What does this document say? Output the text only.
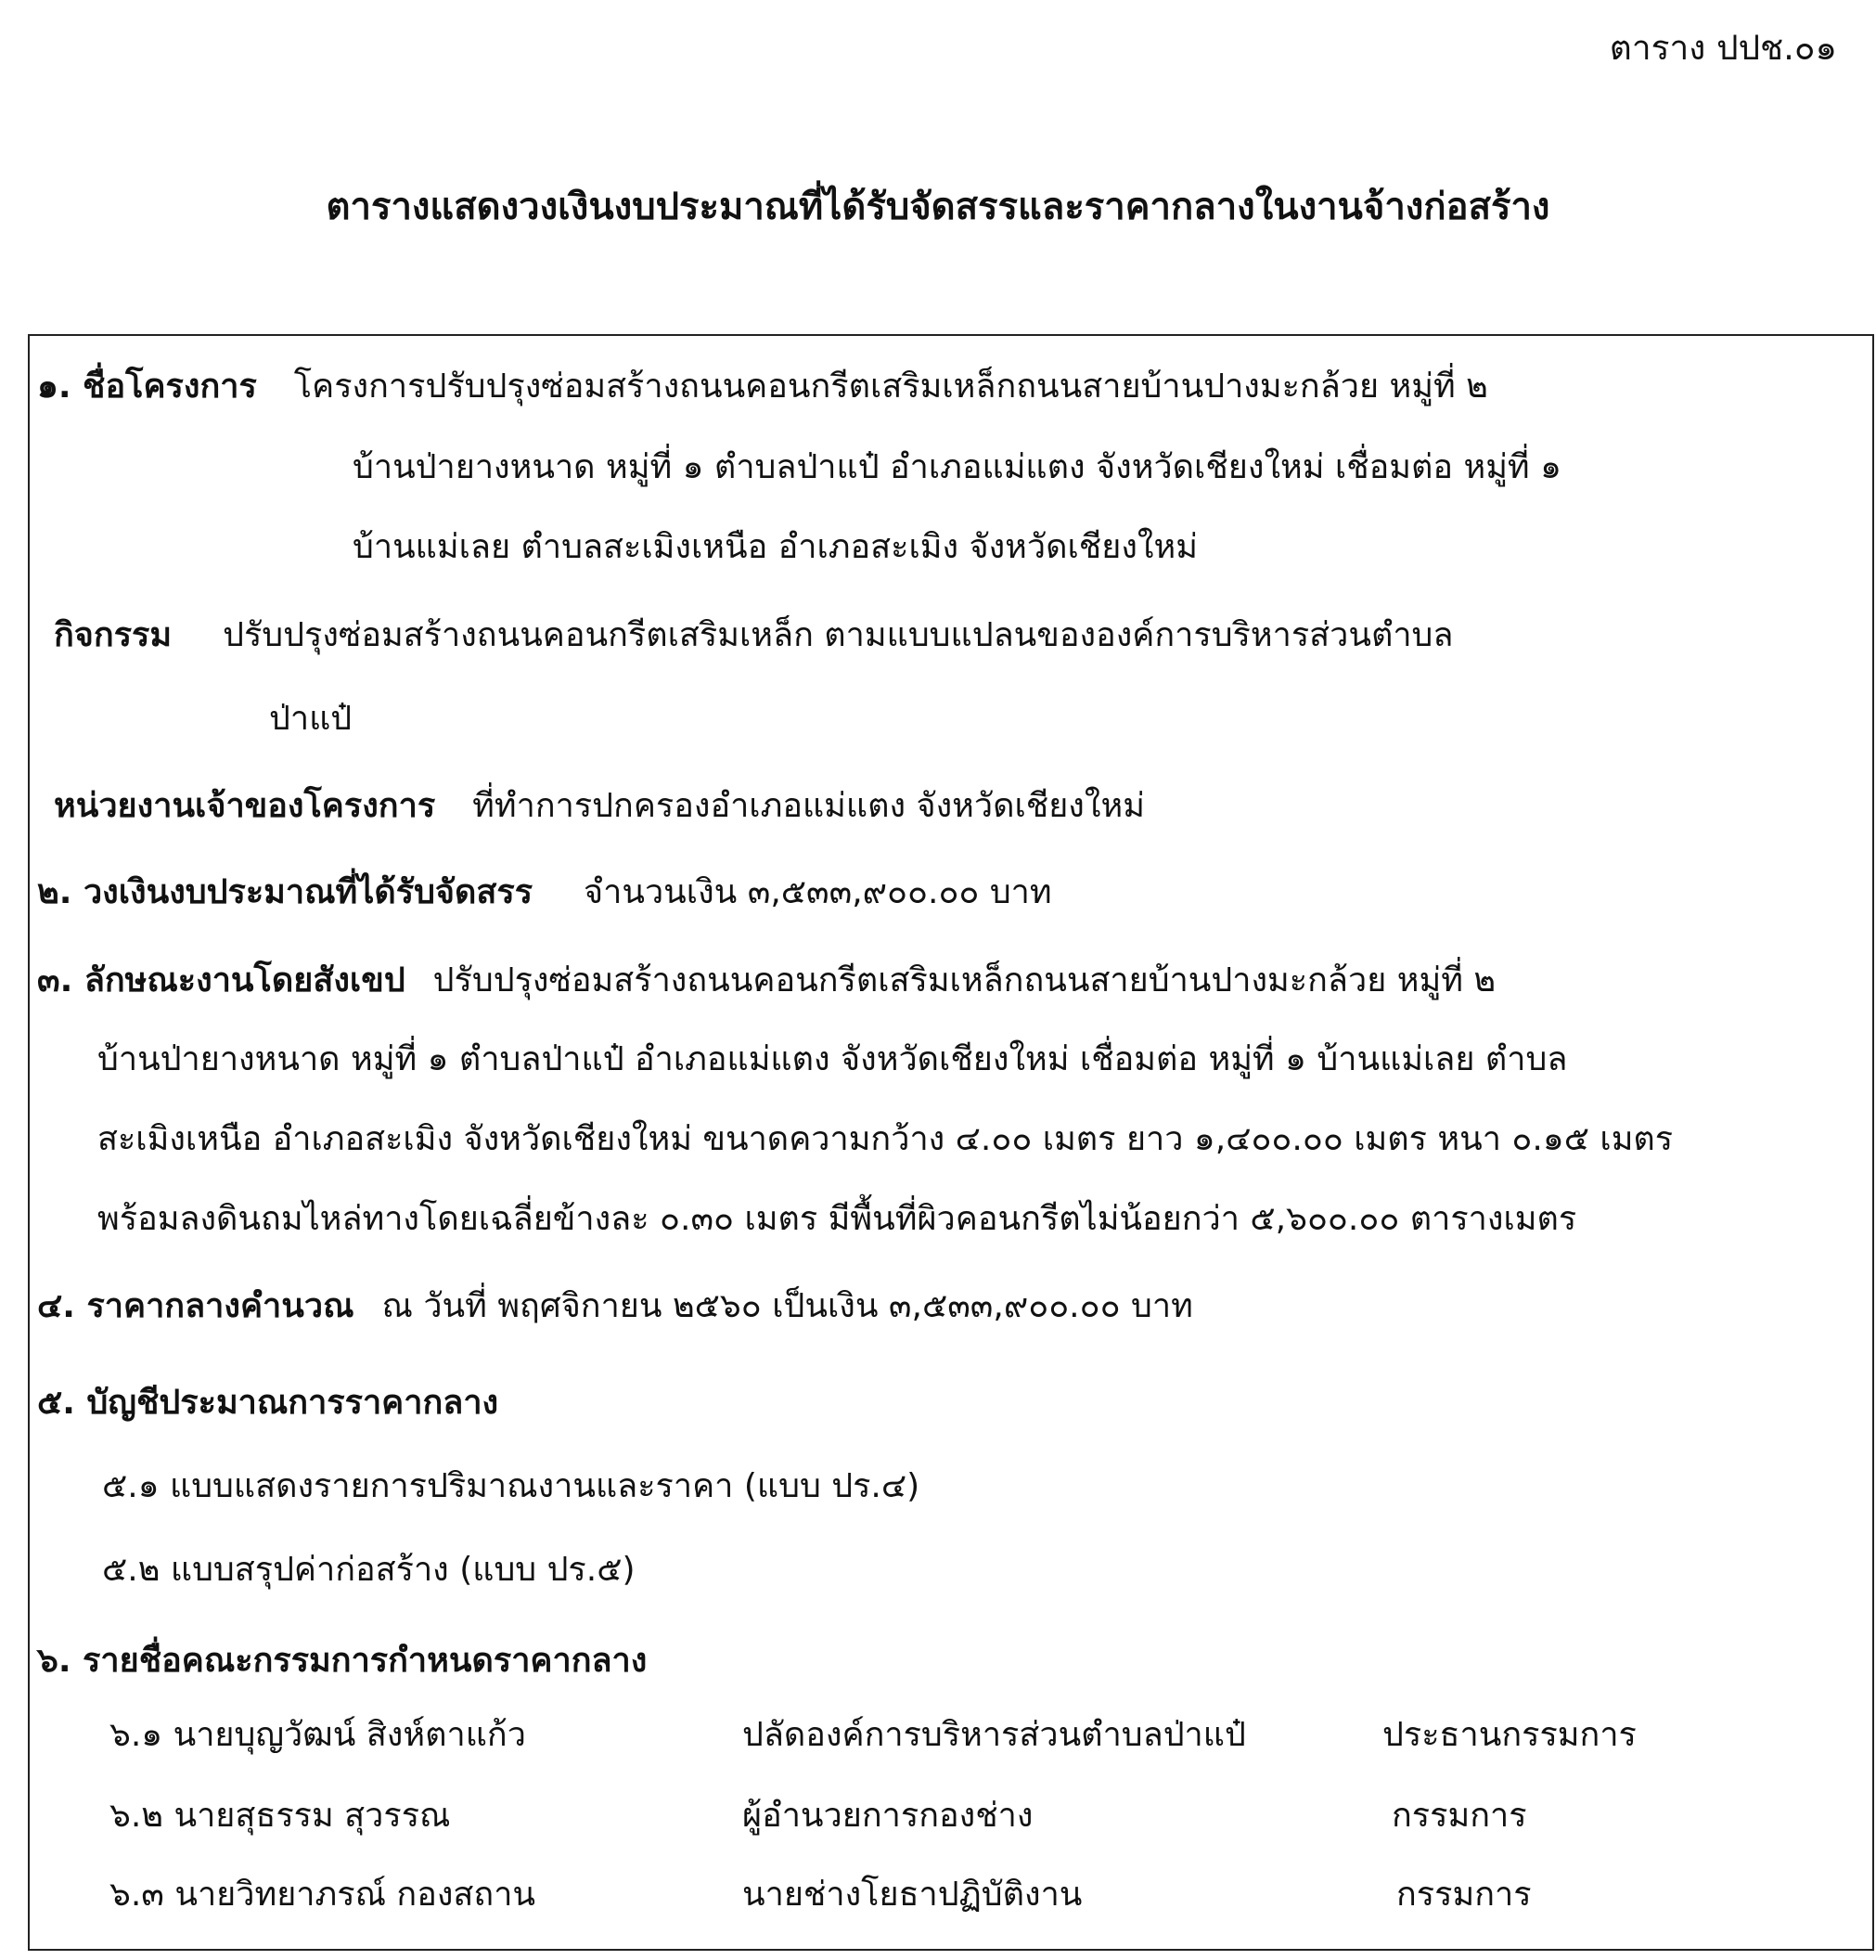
ตาราง ปปช.๐๑
ตารางแสดงวงเงินงบประมาณที่ได้รับจัดสรรและราคากลางในงานจ้างก่อสร้าง
๑. ชื่อโครงการ โครงการปรับปรุงซ่อมสร้างถนนคอนกรีตเสริมเหล็กถนนสายบ้านปางมะกล้วย หมู่ที่ ๒
บ้านป่ายางหนาด หมู่ที่ ๑ ตำบลป่าแป๋ อำเภอแม่แตง จังหวัดเชียงใหม่ เชื่อมต่อ หมู่ที่ ๑
บ้านแม่เลย ตำบลสะเมิงเหนือ อำเภอสะเมิง จังหวัดเชียงใหม่
กิจกรรม ปรับปรุงซ่อมสร้างถนนคอนกรีตเสริมเหล็ก ตามแบบแปลนขององค์การบริหารส่วนตำบล
ป่าแป๋
หน่วยงานเจ้าของโครงการ ที่ทำการปกครองอำเภอแม่แตง จังหวัดเชียงใหม่
๒. วงเงินงบประมาณที่ได้รับจัดสรร จำนวนเงิน ๓,๕๓๓,๙๐๐.๐๐ บาท
๓. ลักษณะงานโดยสังเขป ปรับปรุงซ่อมสร้างถนนคอนกรีตเสริมเหล็กถนนสายบ้านปางมะกล้วย หมู่ที่ ๒
บ้านป่ายางหนาด หมู่ที่ ๑ ตำบลป่าแป๋ อำเภอแม่แตง จังหวัดเชียงใหม่ เชื่อมต่อ หมู่ที่ ๑ บ้านแม่เลย ตำบล
สะเมิงเหนือ อำเภอสะเมิง จังหวัดเชียงใหม่ ขนาดความกว้าง ๔.๐๐ เมตร ยาว ๑,๔๐๐.๐๐ เมตร หนา ๐.๑๕ เมตร
พร้อมลงดินถมไหล่ทางโดยเฉลี่ยข้างละ ๐.๓๐ เมตร มีพื้นที่ผิวคอนกรีตไม่น้อยกว่า ๕,๖๐๐.๐๐ ตารางเมตร
๔. ราคากลางคำนวณ ณ วันที่ พฤศจิกายน ๒๕๖๐ เป็นเงิน ๓,๕๓๓,๙๐๐.๐๐ บาท
๕. บัญชีประมาณการราคากลาง
๕.๑ แบบแสดงรายการปริมาณงานและราคา (แบบ ปร.๔)
๕.๒ แบบสรุปค่าก่อสร้าง (แบบ ปร.๕)
๖. รายชื่อคณะกรรมการกำหนดราคากลาง
๖.๑ นายบุญวัฒน์ สิงห์ตาแก้ว	ปลัดองค์การบริหารส่วนตำบลป่าแป๋	ประธานกรรมการ
๖.๒ นายสุธรรม สุวรรณ	ผู้อำนวยการกองช่าง	กรรมการ
๖.๓ นายวิทยาภรณ์ กองสถาน	นายช่างโยธาปฏิบัติงาน	กรรมการ
